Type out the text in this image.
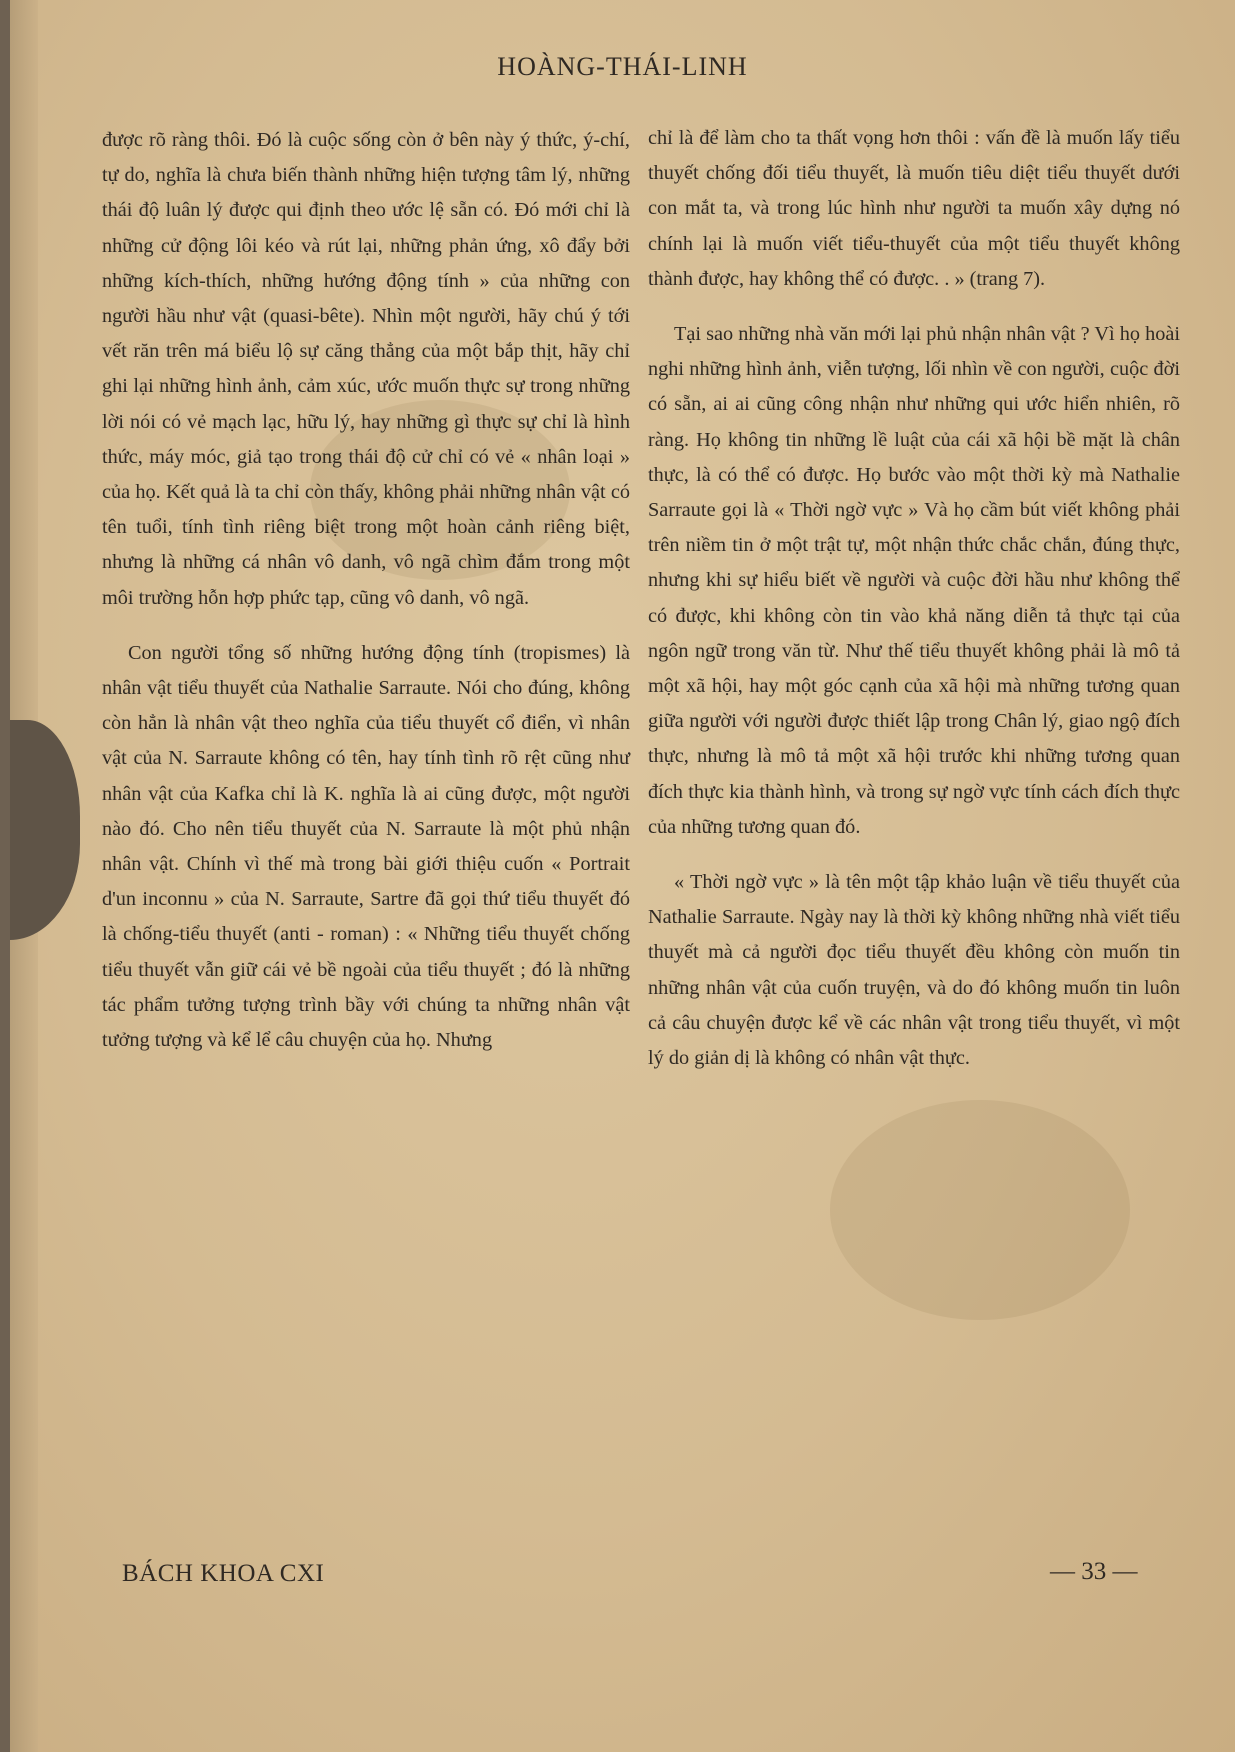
HOÀNG-THÁI-LINH

được rõ ràng thôi. Đó là cuộc sống còn ở bên này ý thức, ý-chí, tự do, nghĩa là chưa biến thành những hiện tượng tâm lý, những thái độ luân lý được qui định theo ước lệ sẵn có. Đó mới chỉ là những cử động lôi kéo và rút lại, những phản ứng, xô đẩy bởi những kích-thích, những hướng động tính » của những con người hầu như vật (quasi-bête). Nhìn một người, hãy chú ý tới vết răn trên má biểu lộ sự căng thẳng của một bắp thịt, hãy chỉ ghi lại những hình ảnh, cảm xúc, ước muốn thực sự trong những lời nói có vẻ mạch lạc, hữu lý, hay những gì thực sự chỉ là hình thức, máy móc, giả tạo trong thái độ cử chỉ có vẻ « nhân loại » của họ. Kết quả là ta chỉ còn thấy, không phải những nhân vật có tên tuổi, tính tình riêng biệt trong một hoàn cảnh riêng biệt, nhưng là những cá nhân vô danh, vô ngã chìm đắm trong một môi trường hỗn hợp phức tạp, cũng vô danh, vô ngã.

Con người tổng số những hướng động tính (tropismes) là nhân vật tiểu thuyết của Nathalie Sarraute. Nói cho đúng, không còn hẳn là nhân vật theo nghĩa của tiểu thuyết cổ điển, vì nhân vật của N. Sarraute không có tên, hay tính tình rõ rệt cũng như nhân vật của Kafka chỉ là K. nghĩa là ai cũng được, một người nào đó. Cho nên tiểu thuyết của N. Sarraute là một phủ nhận nhân vật. Chính vì thế mà trong bài giới thiệu cuốn « Portrait d'un inconnu » của N. Sarraute, Sartre đã gọi thứ tiểu thuyết đó là chống-tiểu thuyết (anti - roman) : « Những tiểu thuyết chống tiểu thuyết vẫn giữ cái vẻ bề ngoài của tiểu thuyết ; đó là những tác phẩm tưởng tượng trình bầy với chúng ta những nhân vật tưởng tượng và kể lể câu chuyện của họ. Nhưng

chỉ là để làm cho ta thất vọng hơn thôi : vấn đề là muốn lấy tiểu thuyết chống đối tiểu thuyết, là muốn tiêu diệt tiểu thuyết dưới con mắt ta, và trong lúc hình như người ta muốn xây dựng nó chính lại là muốn viết tiểu-thuyết của một tiểu thuyết không thành được, hay không thể có được. . » (trang 7).

Tại sao những nhà văn mới lại phủ nhận nhân vật ? Vì họ hoài nghi những hình ảnh, viễn tượng, lối nhìn về con người, cuộc đời có sẵn, ai ai cũng công nhận như những qui ước hiển nhiên, rõ ràng. Họ không tin những lề luật của cái xã hội bề mặt là chân thực, là có thể có được. Họ bước vào một thời kỳ mà Nathalie Sarraute gọi là « Thời ngờ vực » Và họ cầm bút viết không phải trên niềm tin ở một trật tự, một nhận thức chắc chắn, đúng thực, nhưng khi sự hiểu biết về người và cuộc đời hầu như không thể có được, khi không còn tin vào khả năng diễn tả thực tại của ngôn ngữ trong văn từ. Như thế tiểu thuyết không phải là mô tả một xã hội, hay một góc cạnh của xã hội mà những tương quan giữa người với người được thiết lập trong Chân lý, giao ngộ đích thực, nhưng là mô tả một xã hội trước khi những tương quan đích thực kia thành hình, và trong sự ngờ vực tính cách đích thực của những tương quan đó.

« Thời ngờ vực » là tên một tập khảo luận về tiểu thuyết của Nathalie Sarraute. Ngày nay là thời kỳ không những nhà viết tiểu thuyết mà cả người đọc tiểu thuyết đều không còn muốn tin những nhân vật của cuốn truyện, và do đó không muốn tin luôn cả câu chuyện được kể về các nhân vật trong tiểu thuyết, vì một lý do giản dị là không có nhân vật thực.

BÁCH KHOA CXI	— 33 —
